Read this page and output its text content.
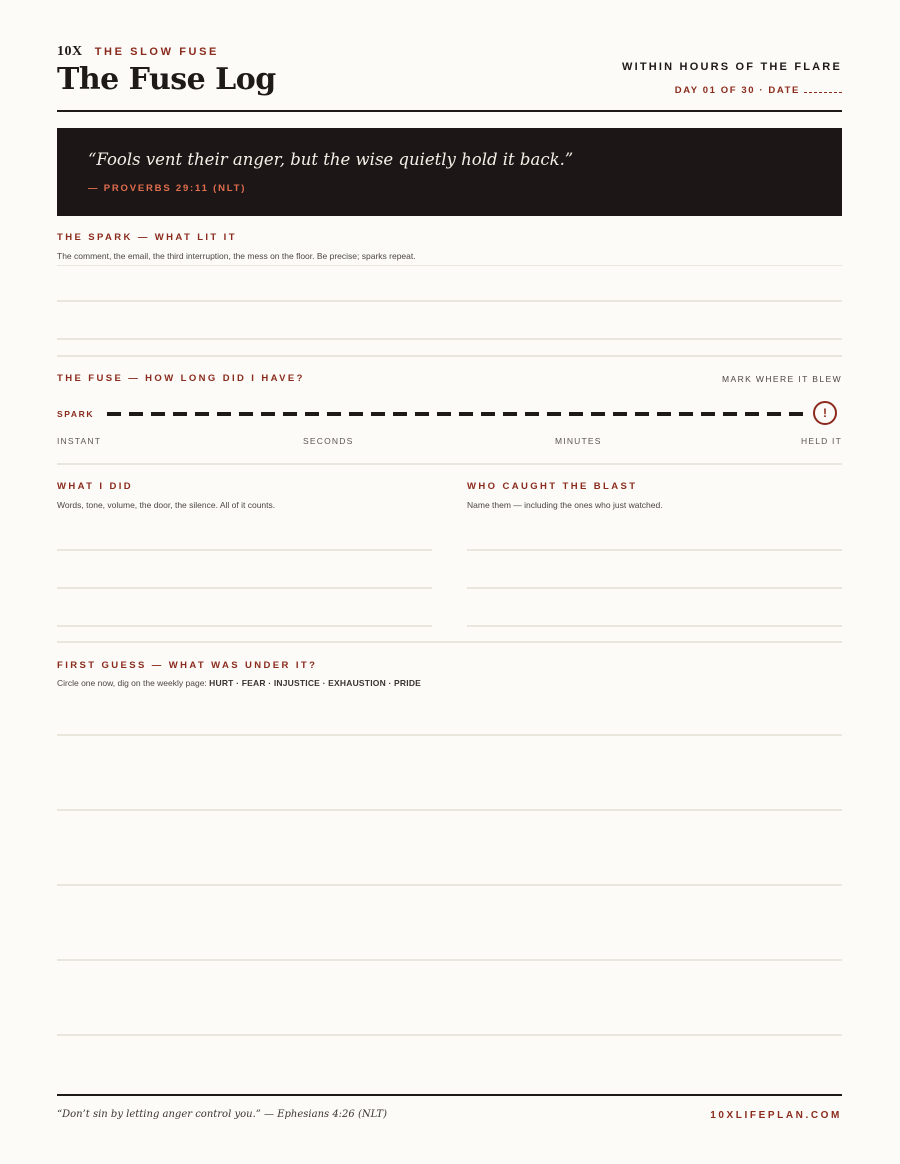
10X THE SLOW FUSE
The Fuse Log	WITHIN HOURS OF THE FLARE
DAY 01 OF 30 · DATE
“Fools vent their anger, but the wise quietly hold it back.”
— PROVERBS 29:11 (NLT)
THE SPARK — WHAT LIT IT
The comment, the email, the third interruption, the mess on the floor. Be precise; sparks repeat.
THE FUSE — HOW LONG DID I HAVE?	MARK WHERE IT BLEW
SPARK	!
INSTANT	SECONDS	MINUTES	HELD IT
WHAT I DID
Words, tone, volume, the door, the silence. All of it counts.
WHO CAUGHT THE BLAST
Name them — including the ones who just watched.
FIRST GUESS — WHAT WAS UNDER IT?
Circle one now, dig on the weekly page: HURT · FEAR · INJUSTICE · EXHAUSTION · PRIDE
“Don’t sin by letting anger control you.” — Ephesians 4:26 (NLT)	10XLIFEPLAN.COM
